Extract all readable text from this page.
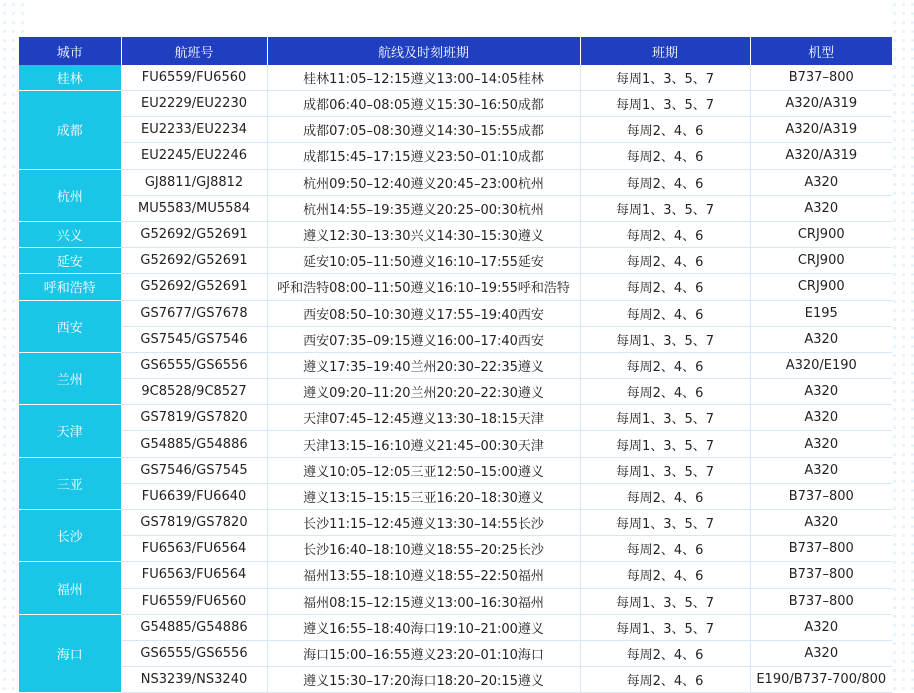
城市	航班号	航线及时刻班期	班期	机型
桂林	FU6559/FU6560	桂林11:05–12:15遵义13:00–14:05桂林	每周1、3、5、7	B737–800
成都	EU2229/EU2230	成都06:40–08:05遵义15:30–16:50成都	每周1、3、5、7	A320/A319
	EU2233/EU2234	成都07:05–08:30遵义14:30–15:55成都	每周2、4、6	A320/A319
	EU2245/EU2246	成都15:45–17:15遵义23:50–01:10成都	每周2、4、6	A320/A319
杭州	GJ8811/GJ8812	杭州09:50–12:40遵义20:45–23:00杭州	每周2、4、6	A320
	MU5583/MU5584	杭州14:55–19:35遵义20:25–00:30杭州	每周1、3、5、7	A320
兴义	G52692/G52691	遵义12:30–13:30兴义14:30–15:30遵义	每周2、4、6	CRJ900
延安	G52692/G52691	延安10:05–11:50遵义16:10–17:55延安	每周2、4、6	CRJ900
呼和浩特	G52692/G52691	呼和浩特08:00–11:50遵义16:10–19:55呼和浩特	每周2、4、6	CRJ900
西安	GS7677/GS7678	西安08:50–10:30遵义17:55–19:40西安	每周2、4、6	E195
	GS7545/GS7546	西安07:35–09:15遵义16:00–17:40西安	每周1、3、5、7	A320
兰州	GS6555/GS6556	遵义17:35–19:40兰州20:30–22:35遵义	每周2、4、6	A320/E190
	9C8528/9C8527	遵义09:20–11:20兰州20:20–22:30遵义	每周2、4、6	A320
天津	GS7819/GS7820	天津07:45–12:45遵义13:30–18:15天津	每周1、3、5、7	A320
	G54885/G54886	天津13:15–16:10遵义21:45–00:30天津	每周1、3、5、7	A320
三亚	GS7546/GS7545	遵义10:05–12:05三亚12:50–15:00遵义	每周1、3、5、7	A320
	FU6639/FU6640	遵义13:15–15:15三亚16:20–18:30遵义	每周2、4、6	B737–800
长沙	GS7819/GS7820	长沙11:15–12:45遵义13:30–14:55长沙	每周1、3、5、7	A320
	FU6563/FU6564	长沙16:40–18:10遵义18:55–20:25长沙	每周2、4、6	B737–800
福州	FU6563/FU6564	福州13:55–18:10遵义18:55–22:50福州	每周2、4、6	B737–800
	FU6559/FU6560	福州08:15–12:15遵义13:00–16:30福州	每周1、3、5、7	B737–800
海口	G54885/G54886	遵义16:55–18:40海口19:10–21:00遵义	每周1、3、5、7	A320
	GS6555/GS6556	海口15:00–16:55遵义23:20–01:10海口	每周2、4、6	A320
	NS3239/NS3240	遵义15:30–17:20海口18:20–20:15遵义	每周2、4、6	E190/B737-700/800
